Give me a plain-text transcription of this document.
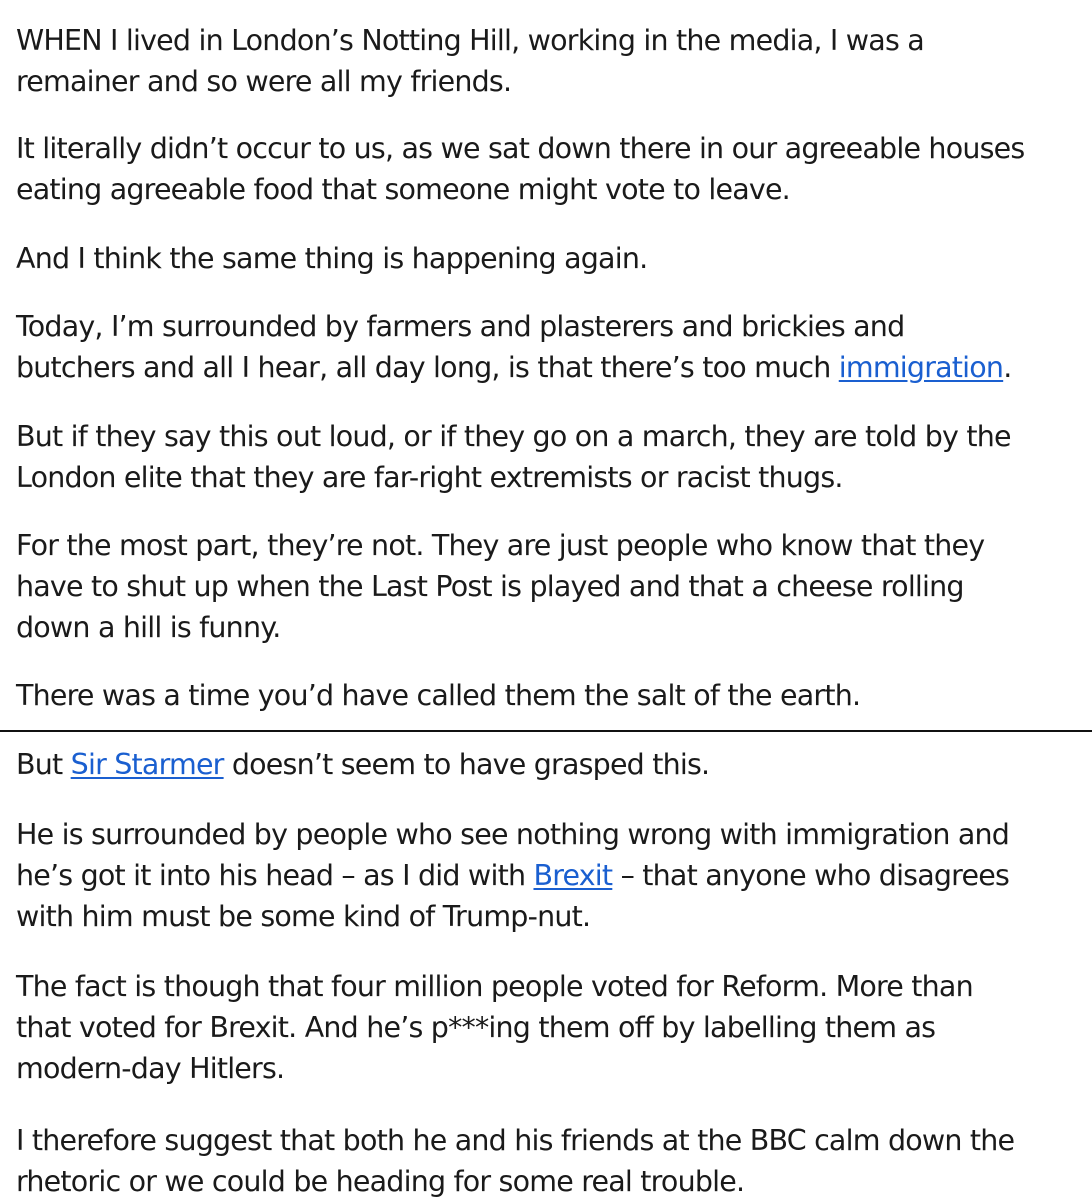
WHEN I lived in London’s Notting Hill, working in the media, I was a
remainer and so were all my friends.

It literally didn’t occur to us, as we sat down there in our agreeable houses
eating agreeable food that someone might vote to leave.

And I think the same thing is happening again.

Today, I’m surrounded by farmers and plasterers and brickies and
butchers and all I hear, all day long, is that there’s too much immigration.

But if they say this out loud, or if they go on a march, they are told by the
London elite that they are far-right extremists or racist thugs.

For the most part, they’re not. They are just people who know that they
have to shut up when the Last Post is played and that a cheese rolling
down a hill is funny.

There was a time you’d have called them the salt of the earth.

But Sir Starmer doesn’t seem to have grasped this.

He is surrounded by people who see nothing wrong with immigration and
he’s got it into his head – as I did with Brexit – that anyone who disagrees
with him must be some kind of Trump-nut.

The fact is though that four million people voted for Reform. More than
that voted for Brexit. And he’s p***ing them off by labelling them as
modern-day Hitlers.

I therefore suggest that both he and his friends at the BBC calm down the
rhetoric or we could be heading for some real trouble.
